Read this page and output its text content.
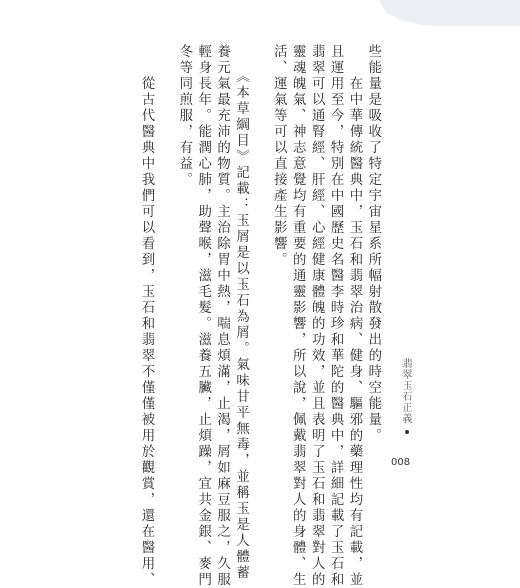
些能量是吸收了特定宇宙星系所幅射散發出的時空能量。
　　在中華傳統醫典中，玉石和翡翠治病、健身、驅邪的藥理性均有記載，並
且運用至今，特別在中國歷史名醫李時珍和華陀的醫典中，詳細記載了玉石和
翡翠可以通腎經、肝經、心經健康體魄的功效，並且表明了玉石和翡翠對人的
靈魂魄氣、神志意覺均有重要的通靈影響，所以說，佩戴翡翠對人的身體、生
活、運氣等可以直接產生影響。
　　《本草綱目》記載：玉屑是以玉石為屑。氣味甘平無毒，並稱玉是人體蓄
養元氣最充沛的物質。主治除胃中熱，喘息煩滿，止渴，屑如麻豆服之，久服
輕身長年。能潤心肺，助聲喉，滋毛髮。滋養五臟，止煩躁，宜共金銀、麥門
冬等同煎服，有益。
　　從古代醫典中我們可以看到，玉石和翡翠不僅僅被用於觀賞，還在醫用、	翡翠玉石正義
008
